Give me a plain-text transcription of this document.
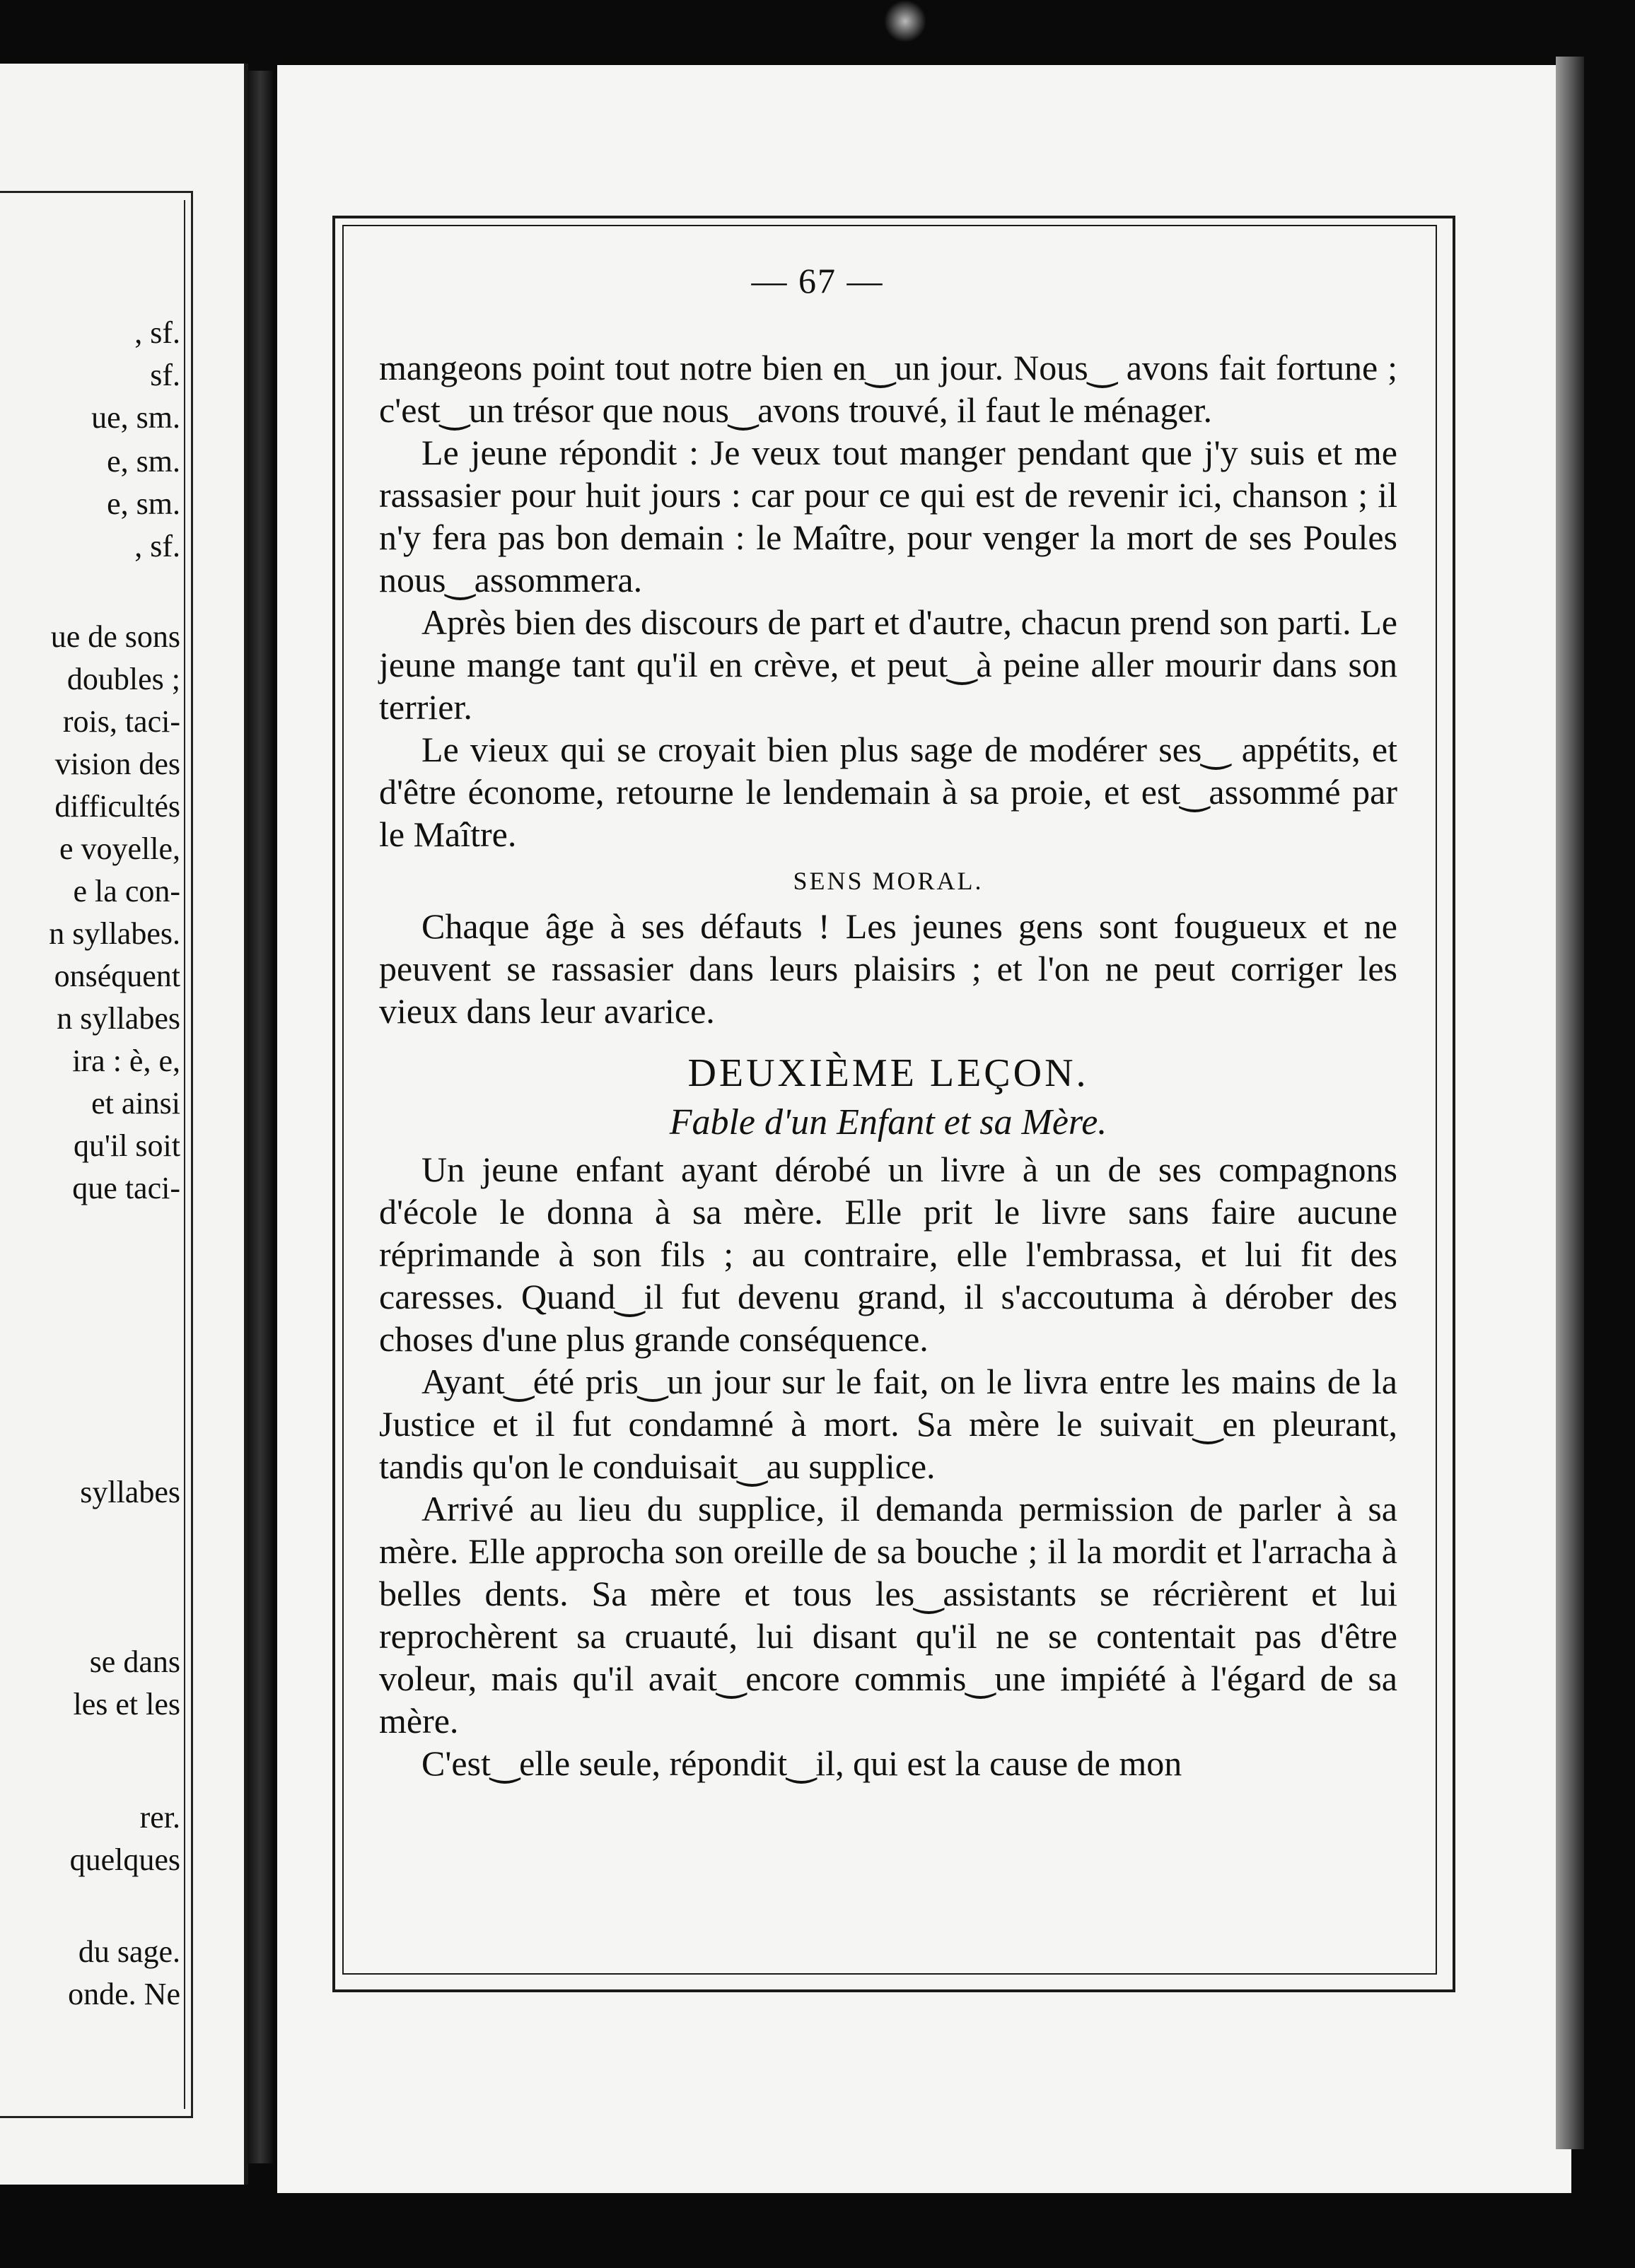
, sf.
sf.
ue, sm.
e, sm.
e, sm.
, sf.
ue de sons
doubles ;
rois, taci-
vision des
difficultés
e voyelle,
e la con-
n syllabes.
onséquent
n syllabes
ira : è, e,
et ainsi
qu'il soit
que taci-
syllabes
se dans
les et les
rer.
quelques
du sage.
onde. Ne
— 67 —

mangeons point tout notre bien en‿un jour. Nous‿ avons fait fortune ; c'est‿un trésor que nous‿avons trouvé, il faut le ménager.

Le jeune répondit : Je veux tout manger pendant que j'y suis et me rassasier pour huit jours : car pour ce qui est de revenir ici, chanson ; il n'y fera pas bon demain : le Maître, pour venger la mort de ses Poules nous‿assommera.

Après bien des discours de part et d'autre, chacun prend son parti. Le jeune mange tant qu'il en crève, et peut‿à peine aller mourir dans son terrier.

Le vieux qui se croyait bien plus sage de modérer ses‿ appétits, et d'être économe, retourne le lendemain à sa proie, et est‿assommé par le Maître.

SENS MORAL.

Chaque âge à ses défauts ! Les jeunes gens sont fougueux et ne peuvent se rassasier dans leurs plaisirs ; et l'on ne peut corriger les vieux dans leur avarice.

DEUXIÈME LEÇON.
Fable d'un Enfant et sa Mère.

Un jeune enfant ayant dérobé un livre à un de ses compagnons d'école le donna à sa mère. Elle prit le livre sans faire aucune réprimande à son fils ; au contraire, elle l'embrassa, et lui fit des caresses. Quand‿il fut devenu grand, il s'accoutuma à dérober des choses d'une plus grande conséquence.

Ayant‿été pris‿un jour sur le fait, on le livra entre les mains de la Justice et il fut condamné à mort. Sa mère le suivait‿en pleurant, tandis qu'on le conduisait‿au supplice.

Arrivé au lieu du supplice, il demanda permission de parler à sa mère. Elle approcha son oreille de sa bouche ; il la mordit et l'arracha à belles dents. Sa mère et tous les‿assistants se récrièrent et lui reprochèrent sa cruauté, lui disant qu'il ne se contentait pas d'être voleur, mais qu'il avait‿encore commis‿une impiété à l'égard de sa mère.

C'est‿elle seule, répondit‿il, qui est la cause de mon
